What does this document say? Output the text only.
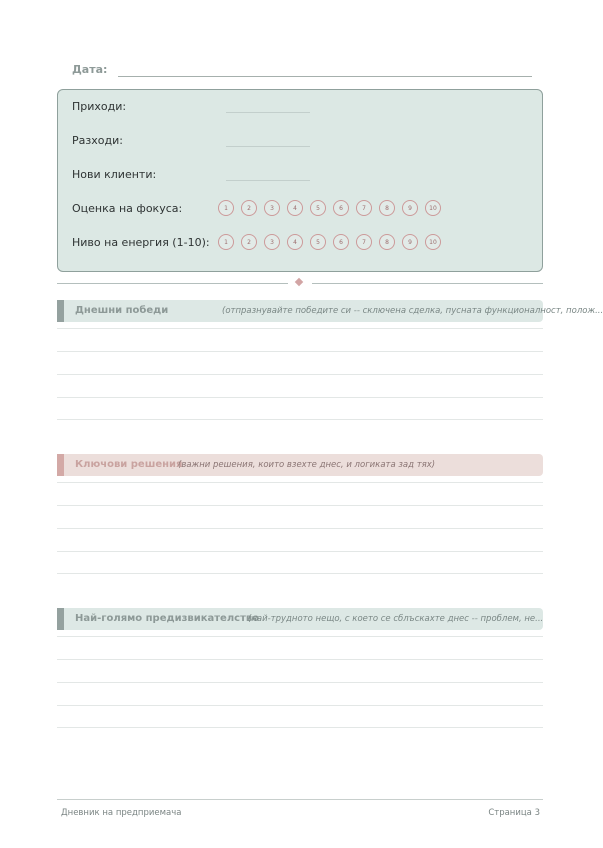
Дата:
Приходи:
Разходи:
Нови клиенти:
Оценка на фокуса:	1	2	3	4	5	6	7	8	9	10
Ниво на енергия (1-10):	1	2	3	4	5	6	7	8	9	10
Днешни победи	(отпразнувайте победите си -- сключена сделка, пусната функционалност, полож...
Ключови решения
(важни решения, които взехте днес, и логиката зад тях)
Най-голямо предизвикателство
(най-трудното нещо, с което се сблъскахте днес -- проблем, не...
Дневник на предприемача	Страница 3
